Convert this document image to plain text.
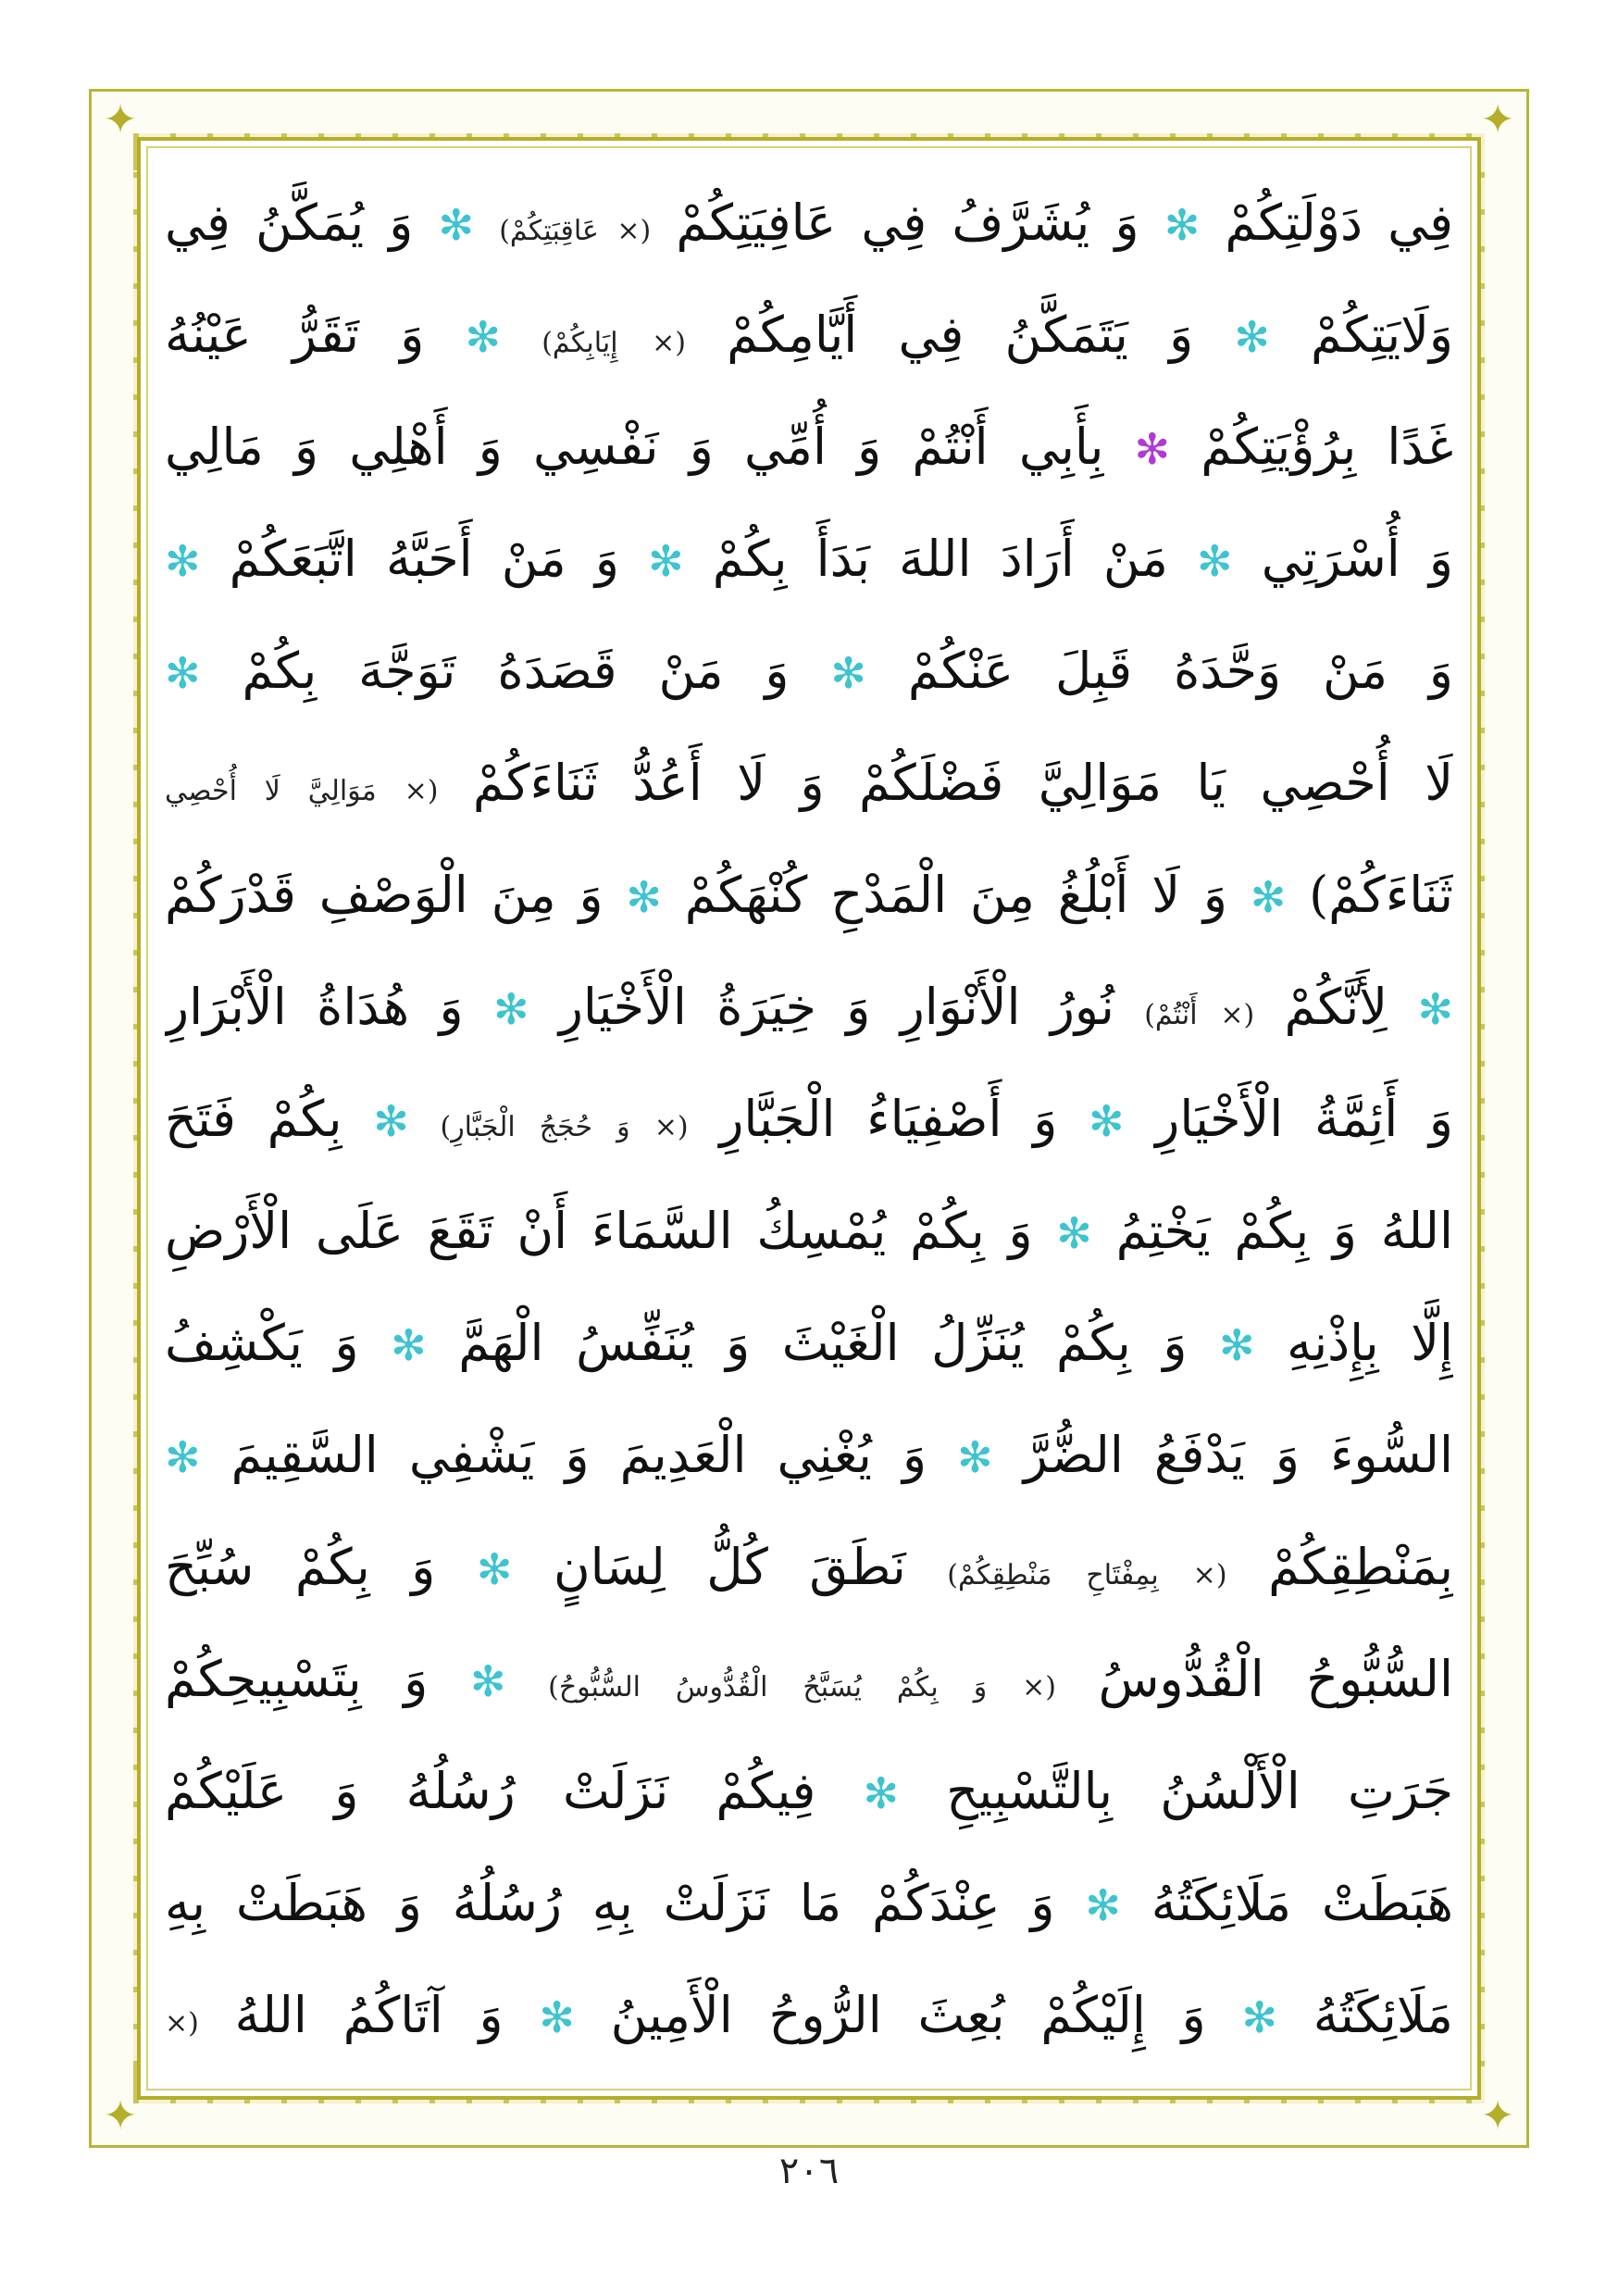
✦	✦
✦	✦
فِي دَوْلَتِكُمْ ✻ وَ يُشَرَّفُ فِي عَافِيَتِكُمْ (× عَاقِبَتِكُمْ) ✻ وَ يُمَكَّنُ فِي
وَلَايَتِكُمْ ✻ وَ يَتَمَكَّنُ فِي أَيَّامِكُمْ (× إِيَابِكُمْ) ✻ وَ تَقَرُّ عَيْنُهُ
غَدًا بِرُؤْيَتِكُمْ ✻ بِأَبِي أَنْتُمْ وَ أُمِّي وَ نَفْسِي وَ أَهْلِي وَ مَالِي
وَ أُسْرَتِي ✻ مَنْ أَرَادَ اللهَ بَدَأَ بِكُمْ ✻ وَ مَنْ أَحَبَّهُ اتَّبَعَكُمْ ✻
وَ مَنْ وَحَّدَهُ قَبِلَ عَنْكُمْ ✻ وَ مَنْ قَصَدَهُ تَوَجَّهَ بِكُمْ ✻
لَا أُحْصِي يَا مَوَالِيَّ فَضْلَكُمْ وَ لَا أَعُدُّ ثَنَاءَكُمْ (× مَوَالِيَّ لَا أُحْصِي
ثَنَاءَكُمْ) ✻ وَ لَا أَبْلُغُ مِنَ الْمَدْحِ كُنْهَكُمْ ✻ وَ مِنَ الْوَصْفِ قَدْرَكُمْ
✻ لِأَنَّكُمْ (× أَنْتُمْ) نُورُ الْأَنْوَارِ وَ خِيَرَةُ الْأَخْيَارِ ✻ وَ هُدَاةُ الْأَبْرَارِ
وَ أَئِمَّةُ الْأَخْيَارِ ✻ وَ أَصْفِيَاءُ الْجَبَّارِ (× وَ حُجَجُ الْجَبَّارِ) ✻ بِكُمْ فَتَحَ
اللهُ وَ بِكُمْ يَخْتِمُ ✻ وَ بِكُمْ يُمْسِكُ السَّمَاءَ أَنْ تَقَعَ عَلَى الْأَرْضِ
إِلَّا بِإِذْنِهِ ✻ وَ بِكُمْ يُنَزِّلُ الْغَيْثَ وَ يُنَفِّسُ الْهَمَّ ✻ وَ يَكْشِفُ
السُّوءَ وَ يَدْفَعُ الضُّرَّ ✻ وَ يُغْنِي الْعَدِيمَ وَ يَشْفِي السَّقِيمَ ✻
بِمَنْطِقِكُمْ (× بِمِفْتَاحِ مَنْطِقِكُمْ) نَطَقَ كُلُّ لِسَانٍ ✻ وَ بِكُمْ سُبِّحَ
السُّبُّوحُ الْقُدُّوسُ (× وَ بِكُمْ يُسَبَّحُ الْقُدُّوسُ السُّبُّوحُ) ✻ وَ بِتَسْبِيحِكُمْ
جَرَتِ الْأَلْسُنُ بِالتَّسْبِيحِ ✻ فِيكُمْ نَزَلَتْ رُسُلُهُ وَ عَلَيْكُمْ
هَبَطَتْ مَلَائِكَتُهُ ✻ وَ عِنْدَكُمْ مَا نَزَلَتْ بِهِ رُسُلُهُ وَ هَبَطَتْ بِهِ
مَلَائِكَتُهُ ✻ وَ إِلَيْكُمْ بُعِثَ الرُّوحُ الْأَمِينُ ✻ وَ آتَاكُمُ اللهُ (×
٢٠٦
